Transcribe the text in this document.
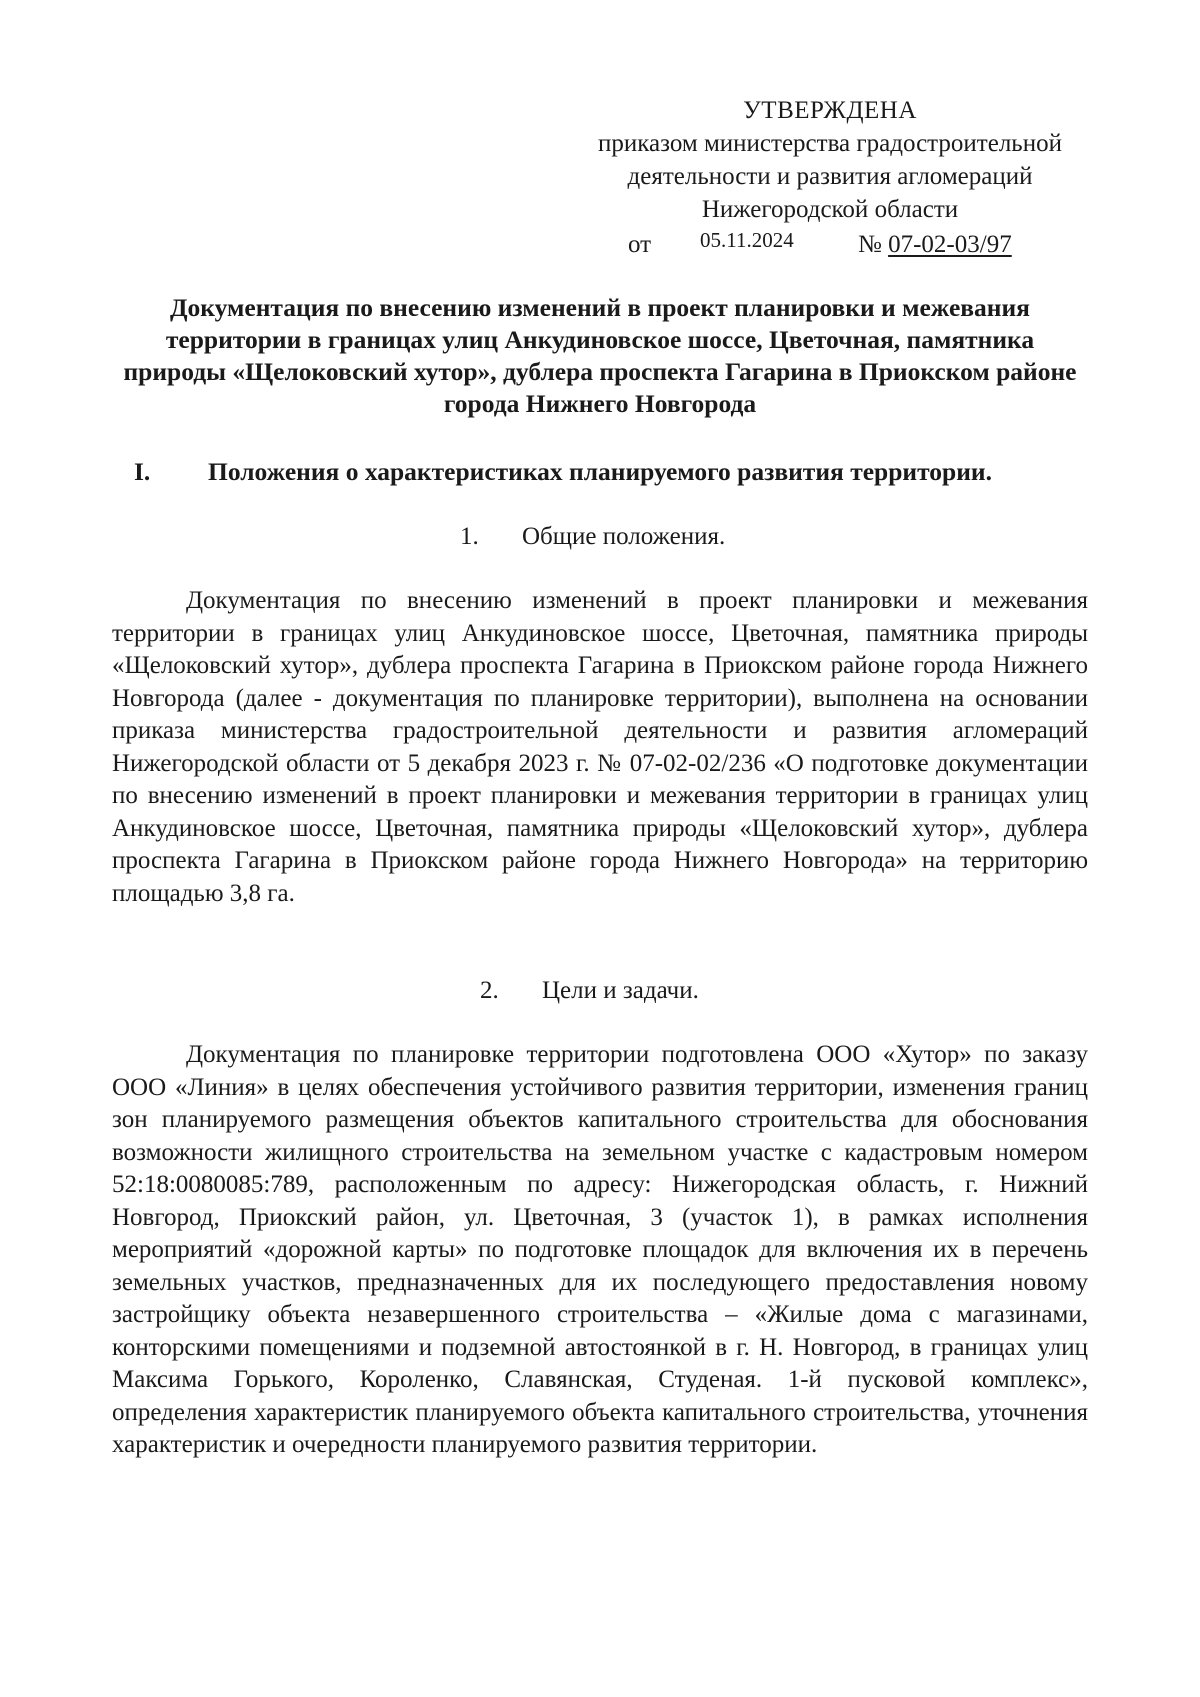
УТВЕРЖДЕНА
приказом министерства градостроительной
деятельности и развития агломераций
Нижегородской области
от 05.11.2024	№ 07-02-03/97
Документация по внесению изменений в проект планировки и межевания территории в границах улиц Анкудиновское шоссе, Цветочная, памятника природы «Щелоковский хутор», дублера проспекта Гагарина в Приокском районе города Нижнего Новгорода
I. Положения о характеристиках планируемого развития территории.
1. Общие положения.

Документация по внесению изменений в проект планировки и межевания территории в границах улиц Анкудиновское шоссе, Цветочная, памятника природы «Щелоковский хутор», дублера проспекта Гагарина в Приокском районе города Нижнего Новгорода (далее - документация по планировке территории), выполнена на основании приказа министерства градостроительной деятельности и развития агломераций Нижегородской области от 5 декабря 2023 г. № 07-02-02/236 «О подготовке документации по внесению изменений в проект планировки и межевания территории в границах улиц Анкудиновское шоссе, Цветочная, памятника природы «Щелоковский хутор», дублера проспекта Гагарина в Приокском районе города Нижнего Новгорода» на территорию площадью 3,8 га.

2. Цели и задачи.

Документация по планировке территории подготовлена ООО «Хутор» по заказу ООО «Линия» в целях обеспечения устойчивого развития территории, изменения границ зон планируемого размещения объектов капитального строительства для обоснования возможности жилищного строительства на земельном участке с кадастровым номером 52:18:0080085:789, расположенным по адресу: Нижегородская область, г. Нижний Новгород, Приокский район, ул. Цветочная, 3 (участок 1), в рамках исполнения мероприятий «дорожной карты» по подготовке площадок для включения их в перечень земельных участков, предназначенных для их последующего предоставления новому застройщику объекта незавершенного строительства – «Жилые дома с магазинами, конторскими помещениями и подземной автостоянкой в г. Н. Новгород, в границах улиц Максима Горького, Короленко, Славянская, Студеная. 1-й пусковой комплекс», определения характеристик планируемого объекта капитального строительства, уточнения характеристик и очередности планируемого развития территории.
